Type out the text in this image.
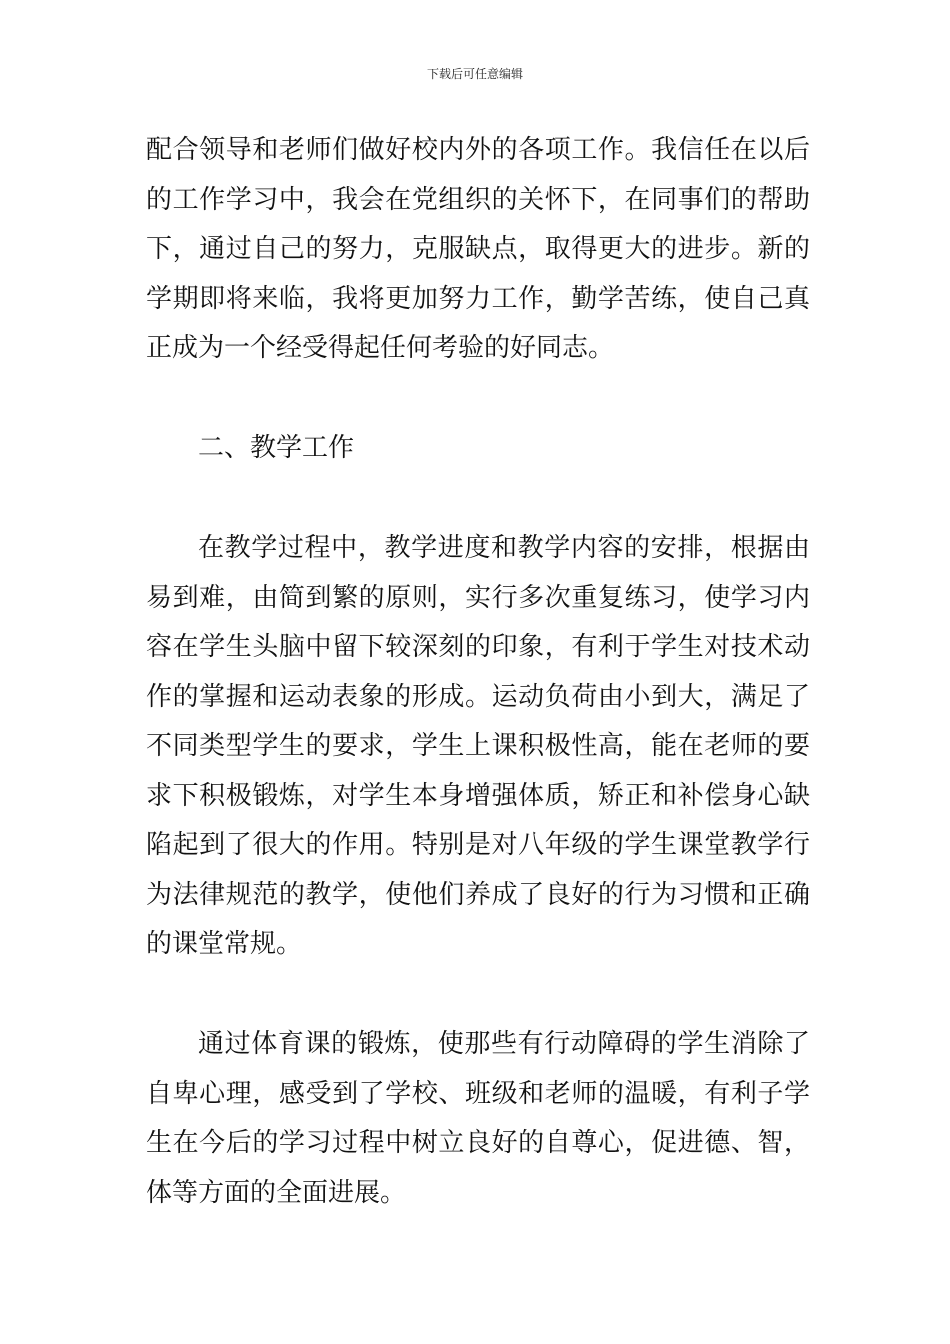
下载后可任意编辑

配合领导和老师们做好校内外的各项工作。我信任在以后的工作学习中，我会在党组织的关怀下，在同事们的帮助下，通过自己的努力，克服缺点，取得更大的进步。新的学期即将来临，我将更加努力工作，勤学苦练，使自己真正成为一个经受得起任何考验的好同志。

二、教学工作

在教学过程中，教学进度和教学内容的安排，根据由易到难，由简到繁的原则，实行多次重复练习，使学习内容在学生头脑中留下较深刻的印象，有利于学生对技术动作的掌握和运动表象的形成。运动负荷由小到大，满足了不同类型学生的要求，学生上课积极性高，能在老师的要求下积极锻炼，对学生本身增强体质，矫正和补偿身心缺陷起到了很大的作用。特别是对八年级的学生课堂教学行为法律规范的教学，使他们养成了良好的行为习惯和正确的课堂常规。

通过体育课的锻炼，使那些有行动障碍的学生消除了自卑心理，感受到了学校、班级和老师的温暖，有利子学生在今后的学习过程中树立良好的自尊心，促进德、智，体等方面的全面进展。
